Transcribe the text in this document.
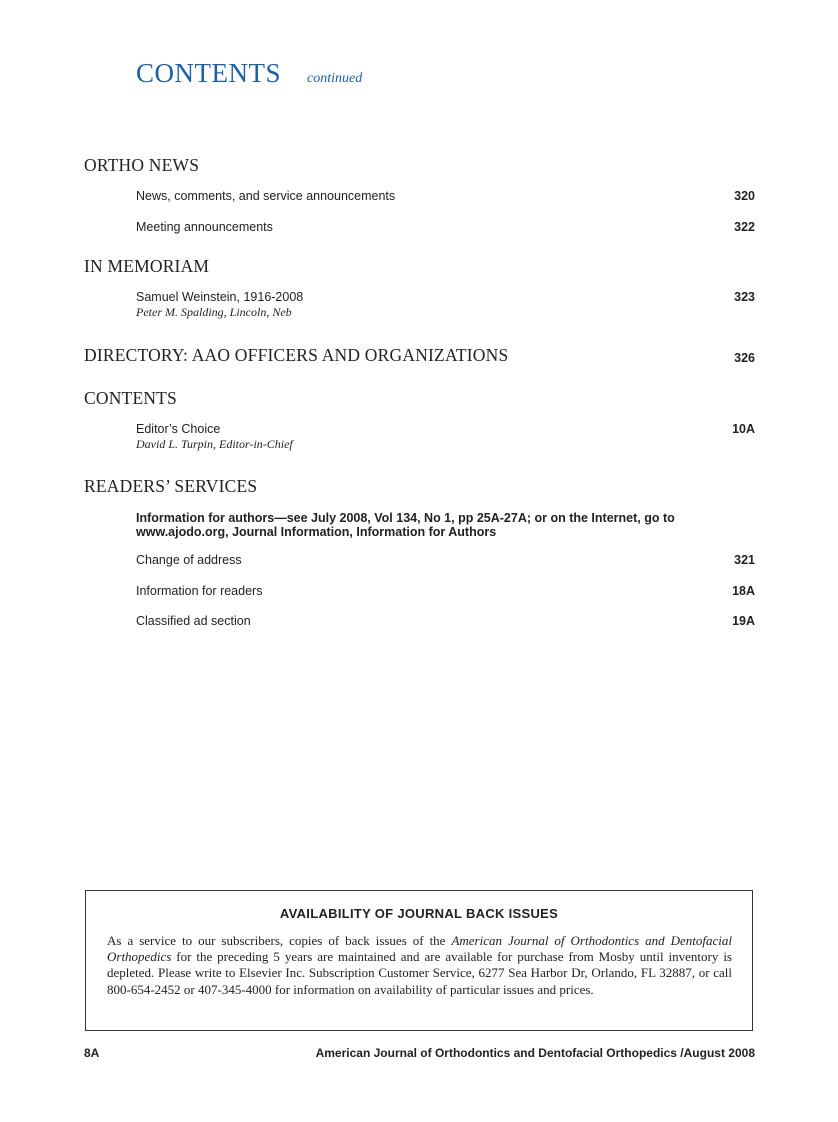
CONTENTS continued
ORTHO NEWS
News, comments, and service announcements	320
Meeting announcements	322
IN MEMORIAM
Samuel Weinstein, 1916-2008	323
Peter M. Spalding, Lincoln, Neb
DIRECTORY: AAO OFFICERS AND ORGANIZATIONS	326
CONTENTS
Editor’s Choice	10A
David L. Turpin, Editor-in-Chief
READERS’ SERVICES
Information for authors—see July 2008, Vol 134, No 1, pp 25A-27A; or on the Internet, go to www.ajodo.org, Journal Information, Information for Authors
Change of address	321
Information for readers	18A
Classified ad section	19A
AVAILABILITY OF JOURNAL BACK ISSUES
As a service to our subscribers, copies of back issues of the American Journal of Orthodontics and Dentofacial Orthopedics for the preceding 5 years are maintained and are available for purchase from Mosby until inventory is depleted. Please write to Elsevier Inc. Subscription Customer Service, 6277 Sea Harbor Dr, Orlando, FL 32887, or call 800-654-2452 or 407-345-4000 for information on availability of particular issues and prices.
8A	American Journal of Orthodontics and Dentofacial Orthopedics /August 2008
